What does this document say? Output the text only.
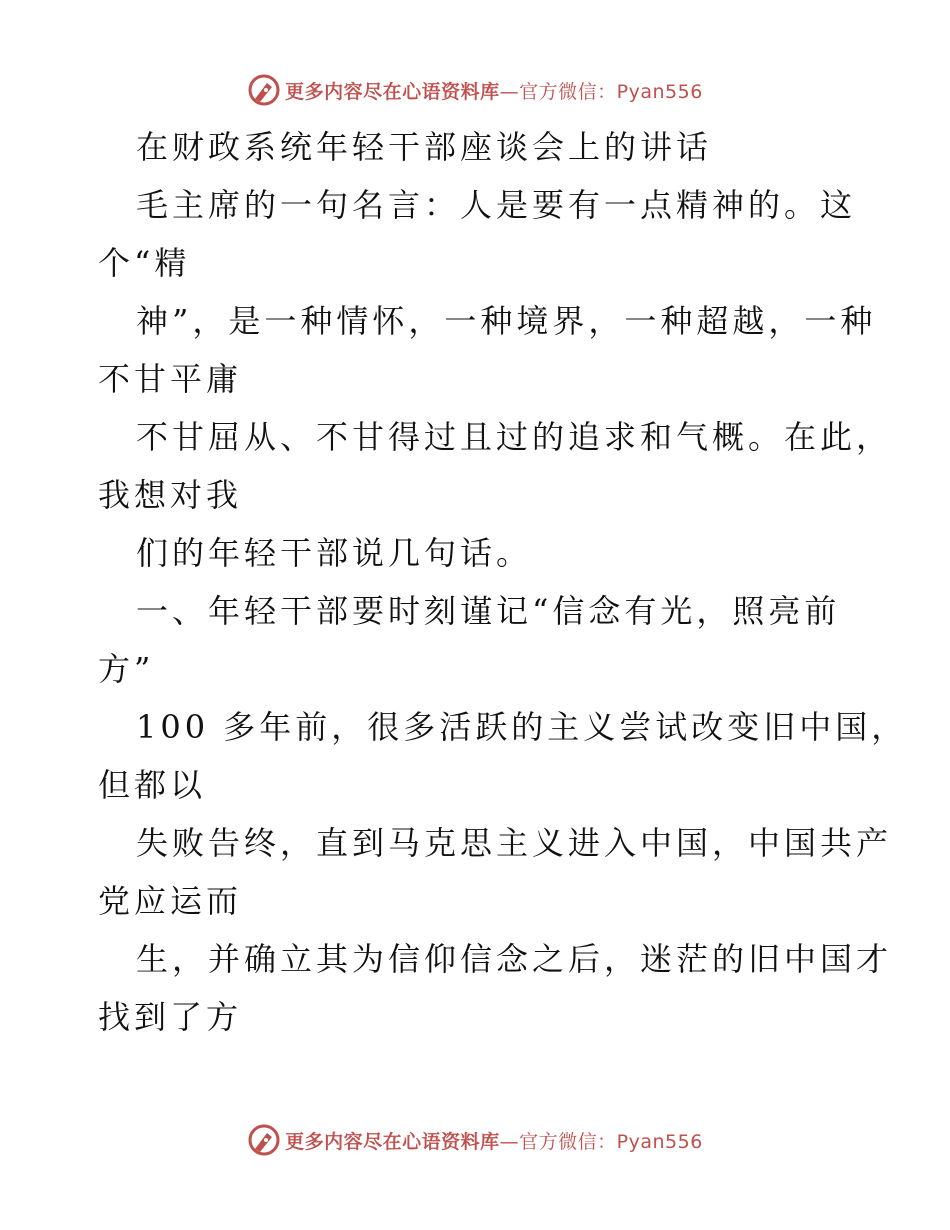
更多内容尽在心语资料库—官方微信：Pyan556
在财政系统年轻干部座谈会上的讲话
毛主席的一句名言：人是要有一点精神的。这
个“精
神”，是一种情怀，一种境界，一种超越，一种
不甘平庸
不甘屈从、不甘得过且过的追求和气概。在此，
我想对我
们的年轻干部说几句话。
一、年轻干部要时刻谨记“信念有光，照亮前
方”
100 多年前，很多活跃的主义尝试改变旧中国，
但都以
失败告终，直到马克思主义进入中国，中国共产
党应运而
生，并确立其为信仰信念之后，迷茫的旧中国才
找到了方
更多内容尽在心语资料库—官方微信：Pyan556
